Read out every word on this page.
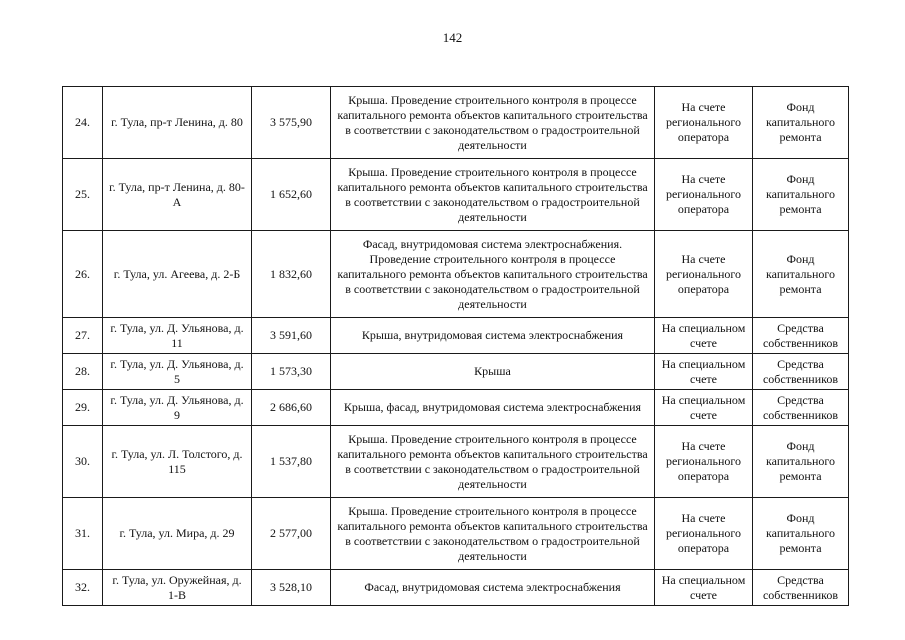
142
24.	г. Тула, пр-т Ленина, д. 80	3 575,90	Крыша. Проведение строительного контроля в процессе капитального ремонта объектов капитального строительства в соответствии с законодательством о градостроительной деятельности	На счете регионального оператора	Фонд капитального ремонта
25.	г. Тула, пр-т Ленина, д. 80-А	1 652,60	Крыша. Проведение строительного контроля в процессе капитального ремонта объектов капитального строительства в соответствии с законодательством о градостроительной деятельности	На счете регионального оператора	Фонд капитального ремонта
26.	г. Тула, ул. Агеева, д. 2-Б	1 832,60	Фасад, внутридомовая система электроснабжения. Проведение строительного контроля в процессе капитального ремонта объектов капитального строительства в соответствии с законодательством о градостроительной деятельности	На счете регионального оператора	Фонд капитального ремонта
27.	г. Тула, ул. Д. Ульянова, д. 11	3 591,60	Крыша, внутридомовая система электроснабжения	На специальном счете	Средства собственников
28.	г. Тула, ул. Д. Ульянова, д. 5	1 573,30	Крыша	На специальном счете	Средства собственников
29.	г. Тула, ул. Д. Ульянова, д. 9	2 686,60	Крыша, фасад, внутридомовая система электроснабжения	На специальном счете	Средства собственников
30.	г. Тула, ул. Л. Толстого, д. 115	1 537,80	Крыша. Проведение строительного контроля в процессе капитального ремонта объектов капитального строительства в соответствии с законодательством о градостроительной деятельности	На счете регионального оператора	Фонд капитального ремонта
31.	г. Тула, ул. Мира, д. 29	2 577,00	Крыша. Проведение строительного контроля в процессе капитального ремонта объектов капитального строительства в соответствии с законодательством о градостроительной деятельности	На счете регионального оператора	Фонд капитального ремонта
32.	г. Тула, ул. Оружейная, д. 1-В	3 528,10	Фасад, внутридомовая система электроснабжения	На специальном счете	Средства собственников
